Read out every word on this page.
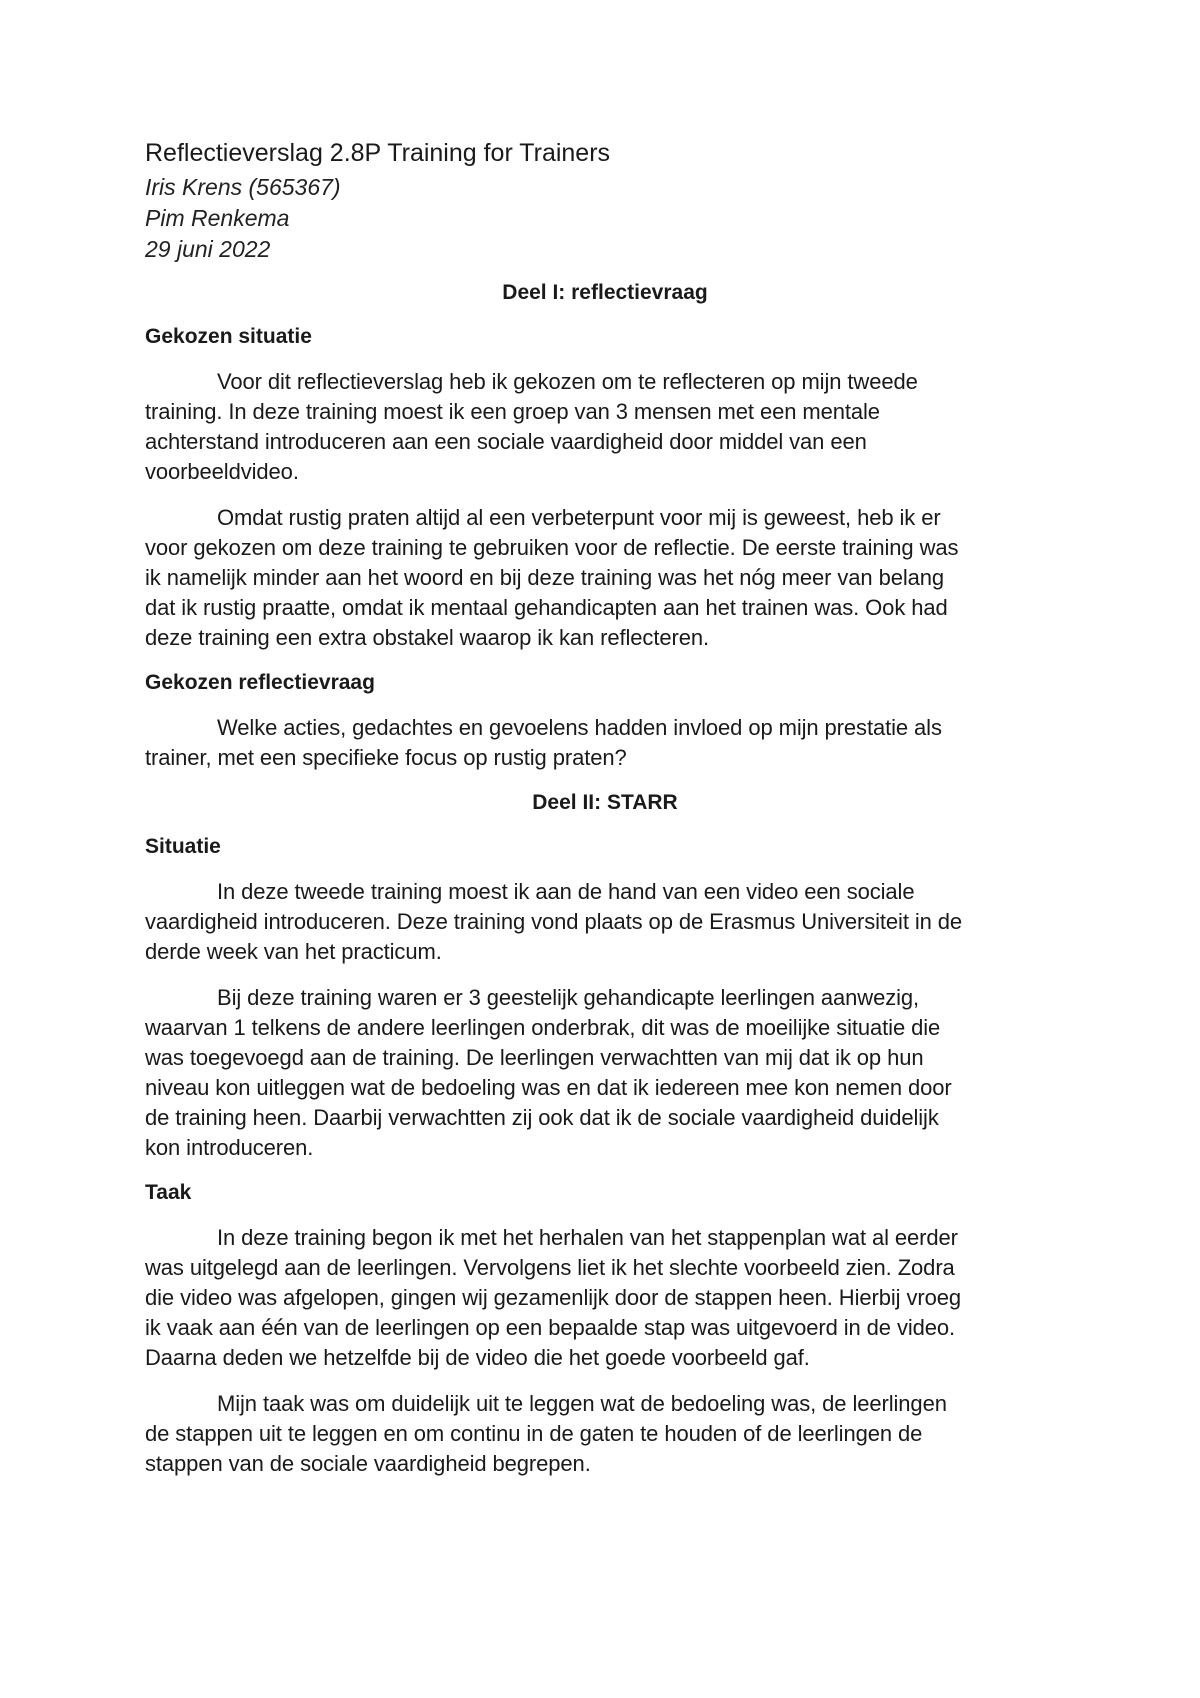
Reflectieverslag 2.8P Training for Trainers

Iris Krens (565367)

Pim Renkema

29 juni 2022

Deel I: reflectievraag
Gekozen situatie

Voor dit reflectieverslag heb ik gekozen om te reflecteren op mijn tweede
training. In deze training moest ik een groep van 3 mensen met een mentale
achterstand introduceren aan een sociale vaardigheid door middel van een
voorbeeldvideo.

Omdat rustig praten altijd al een verbeterpunt voor mij is geweest, heb ik er
voor gekozen om deze training te gebruiken voor de reflectie. De eerste training was
ik namelijk minder aan het woord en bij deze training was het nóg meer van belang
dat ik rustig praatte, omdat ik mentaal gehandicapten aan het trainen was. Ook had
deze training een extra obstakel waarop ik kan reflecteren.

Gekozen reflectievraag

Welke acties, gedachtes en gevoelens hadden invloed op mijn prestatie als
trainer, met een specifieke focus op rustig praten?

Deel II: STARR
Situatie

In deze tweede training moest ik aan de hand van een video een sociale
vaardigheid introduceren. Deze training vond plaats op de Erasmus Universiteit in de
derde week van het practicum.

Bij deze training waren er 3 geestelijk gehandicapte leerlingen aanwezig,
waarvan 1 telkens de andere leerlingen onderbrak, dit was de moeilijke situatie die
was toegevoegd aan de training. De leerlingen verwachtten van mij dat ik op hun
niveau kon uitleggen wat de bedoeling was en dat ik iedereen mee kon nemen door
de training heen. Daarbij verwachtten zij ook dat ik de sociale vaardigheid duidelijk
kon introduceren.

Taak

In deze training begon ik met het herhalen van het stappenplan wat al eerder
was uitgelegd aan de leerlingen. Vervolgens liet ik het slechte voorbeeld zien. Zodra
die video was afgelopen, gingen wij gezamenlijk door de stappen heen. Hierbij vroeg
ik vaak aan één van de leerlingen op een bepaalde stap was uitgevoerd in de video.
Daarna deden we hetzelfde bij de video die het goede voorbeeld gaf.

Mijn taak was om duidelijk uit te leggen wat de bedoeling was, de leerlingen
de stappen uit te leggen en om continu in de gaten te houden of de leerlingen de
stappen van de sociale vaardigheid begrepen.
